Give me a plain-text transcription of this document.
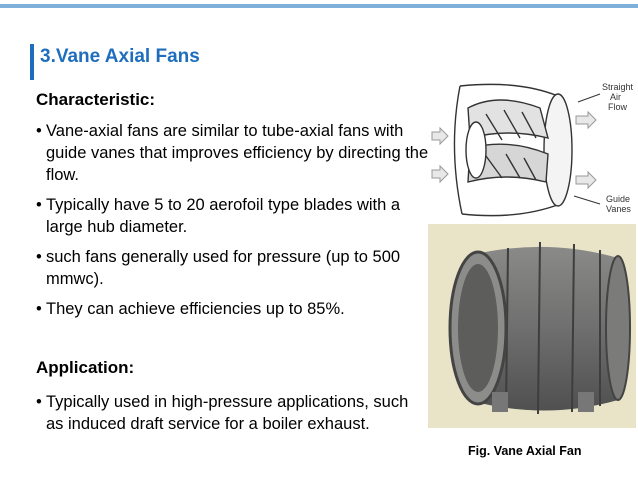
3.Vane Axial Fans
Characteristic:
• Vane-axial fans are similar to tube-axial fans with guide vanes that improves efficiency by directing the flow.
• Typically have 5 to 20 aerofoil type blades with a large hub diameter.
• such fans generally used for pressure (up to 500 mmwc).
• They can achieve efficiencies up to 85%.
Application:
• Typically used in high-pressure applications, such as induced draft service for a boiler exhaust.
Straight
Air
Flow
Guide
Vanes
Fig. Vane Axial Fan
